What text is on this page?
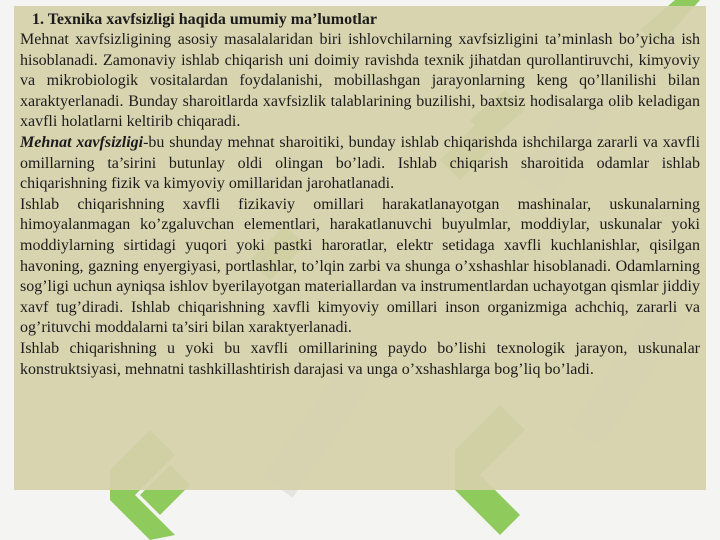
1. Texnika xavfsizligi haqida umumiy ma’lumotlar

Mehnat xavfsizligining asosiy masalalaridan biri ishlovchilarning xavfsizligini ta’minlash bo’yicha ish hisoblanadi. Zamonaviy ishlab chiqarish uni doimiy ravishda texnik jihatdan qurollantiruvchi, kimyoviy va mikrobiologik vositalardan foydalanishi, mobillashgan jarayonlarning keng qo’llanilishi bilan xaraktyerlanadi. Bunday sharoitlarda xavfsizlik talablarining buzilishi, baxtsiz hodisalarga olib keladigan xavfli holatlarni keltirib chiqaradi.

Mehnat xavfsizligi-bu shunday mehnat sharoitiki, bunday ishlab chiqarishda ishchilarga zararli va xavfli omillarning ta’sirini butunlay oldi olingan bo’ladi. Ishlab chiqarish sharoitida odamlar ishlab chiqarishning fizik va kimyoviy omillaridan jarohatlanadi.

Ishlab chiqarishning xavfli fizikaviy omillari harakatlanayotgan mashinalar, uskunalarning himoyalanmagan ko’zgaluvchan elementlari, harakatlanuvchi buyulmlar, moddiylar, uskunalar yoki moddiylarning sirtidagi yuqori yoki pastki haroratlar, elektr setidaga xavfli kuchlanishlar, qisilgan havoning, gazning enyergiyasi, portlashlar, to’lqin zarbi va shunga o’xshashlar hisoblanadi. Odamlarning sog’ligi uchun ayniqsa ishlov byerilayotgan materiallardan va instrumentlardan uchayotgan qismlar jiddiy xavf tug’diradi. Ishlab chiqarishning xavfli kimyoviy omillari inson organizmiga achchiq, zararli va og’rituvchi moddalarni ta’siri bilan xaraktyerlanadi.

Ishlab chiqarishning u yoki bu xavfli omillarining paydo bo’lishi texnologik jarayon, uskunalar konstruktsiyasi, mehnatni tashkillashtirish darajasi va unga o’xshashlarga bog’liq bo’ladi.
